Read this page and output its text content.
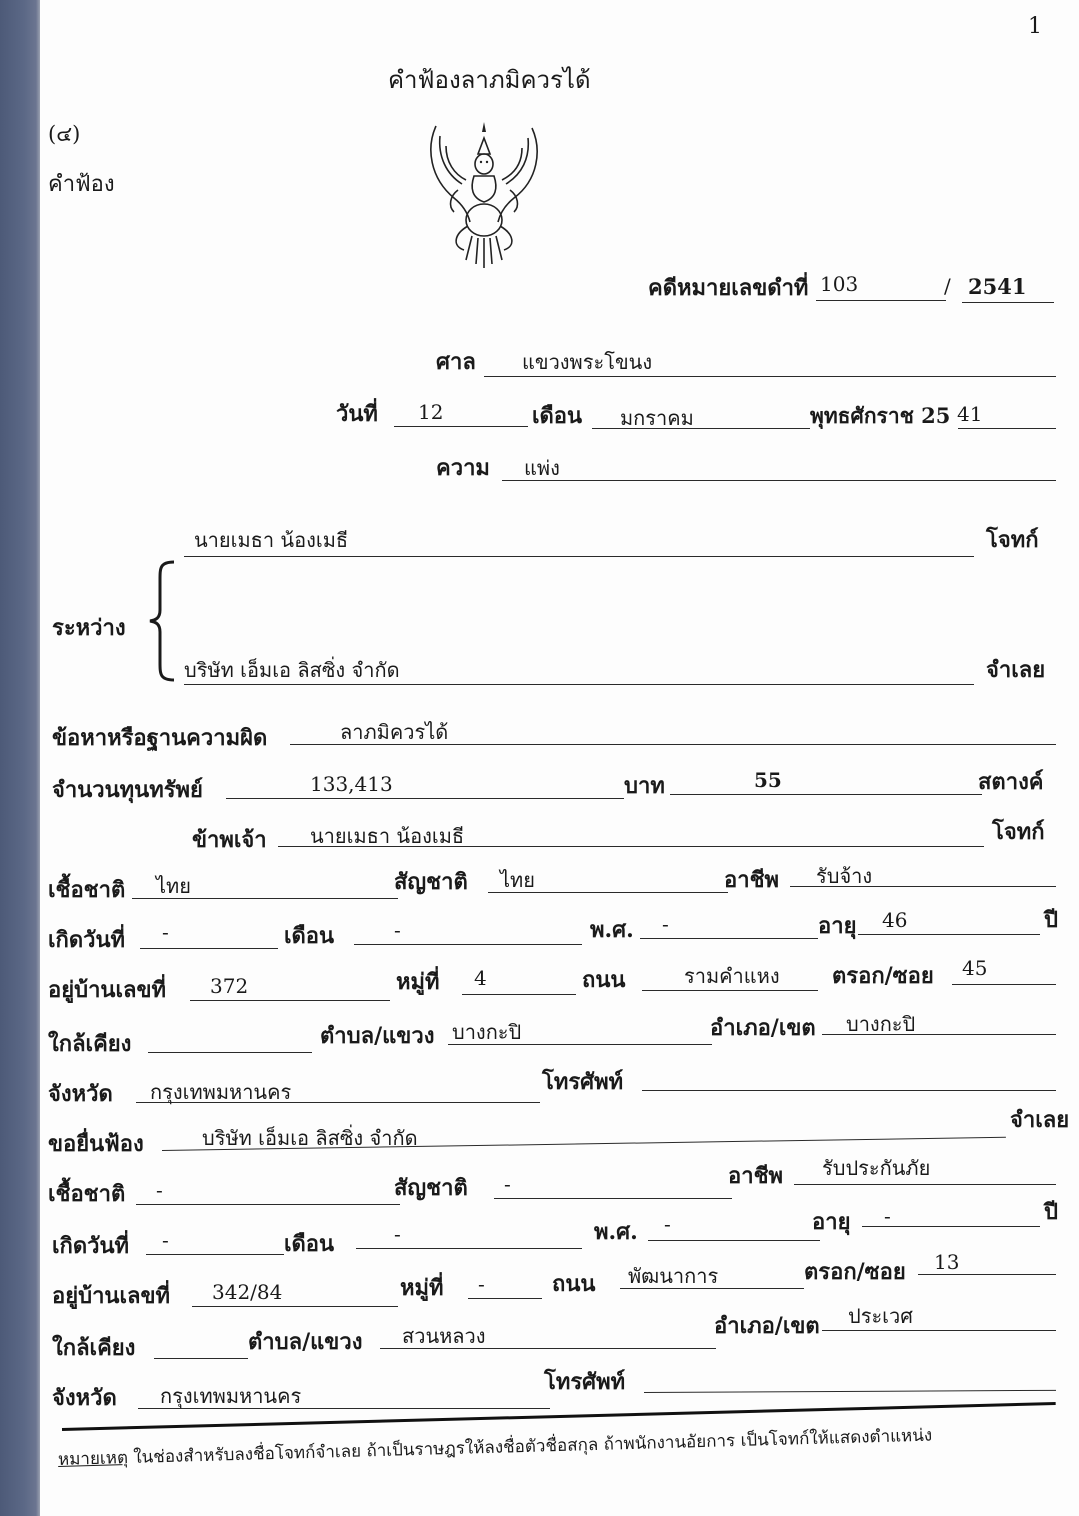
1
คำฟ้องลาภมิควรได้
(๔)
คำฟ้อง
คดีหมายเลขดำที่ 103	/ 2541
ศาล แขวงพระโขนง
วันที่ 12	เดือน มกราคม	พุทธศักราช 25 41
ความ แพ่ง
นายเมธา น้องเมธี	โจทก์
ระหว่าง
บริษัท เอ็มเอ ลิสซิ่ง จำกัด	จำเลย
ข้อหาหรือฐานความผิด	ลาภมิควรได้
จำนวนทุนทรัพย์	133,413	บาท	55	สตางค์
ข้าพเจ้า นายเมธา น้องเมธี	โจทก์
เชื้อชาติ ไทย	สัญชาติ ไทย	อาชีพ รับจ้าง
เกิดวันที่ -	เดือน	-	พ.ศ. -	อายุ 46	ปี
อยู่บ้านเลขที่ 372	หมู่ที่ 4	ถนน	รามคำแหง ตรอก/ซอย 45
ใกล้เคียง	ตำบล/แขวง บางกะปิ	อำเภอ/เขต บางกะปิ
จังหวัด กรุงเทพมหานคร	โทรศัพท์
ขอยื่นฟ้อง	บริษัท เอ็มเอ ลิสซิ่ง จำกัด
จำเลย
เชื้อชาติ -	สัญชาติ -	อาชีพ รับประกันภัย
เกิดวันที่ -	เดือน	-	พ.ศ. -	อายุ -	ปี
อยู่บ้านเลขที่ 342/84	หมู่ที่ -	ถนน พัฒนาการ	ตรอก/ซอย 13
ใกล้เคียง	ตำบล/แขวง สวนหลวง	อำเภอ/เขต ประเวศ
จังหวัด กรุงเทพมหานคร
โทรศัพท์
หมายเหตุ ในช่องสำหรับลงชื่อโจทก์จำเลย ถ้าเป็นราษฎรให้ลงชื่อตัวชื่อสกุล ถ้าพนักงานอัยการ เป็นโจทก์ให้แสดงตำแหน่ง
